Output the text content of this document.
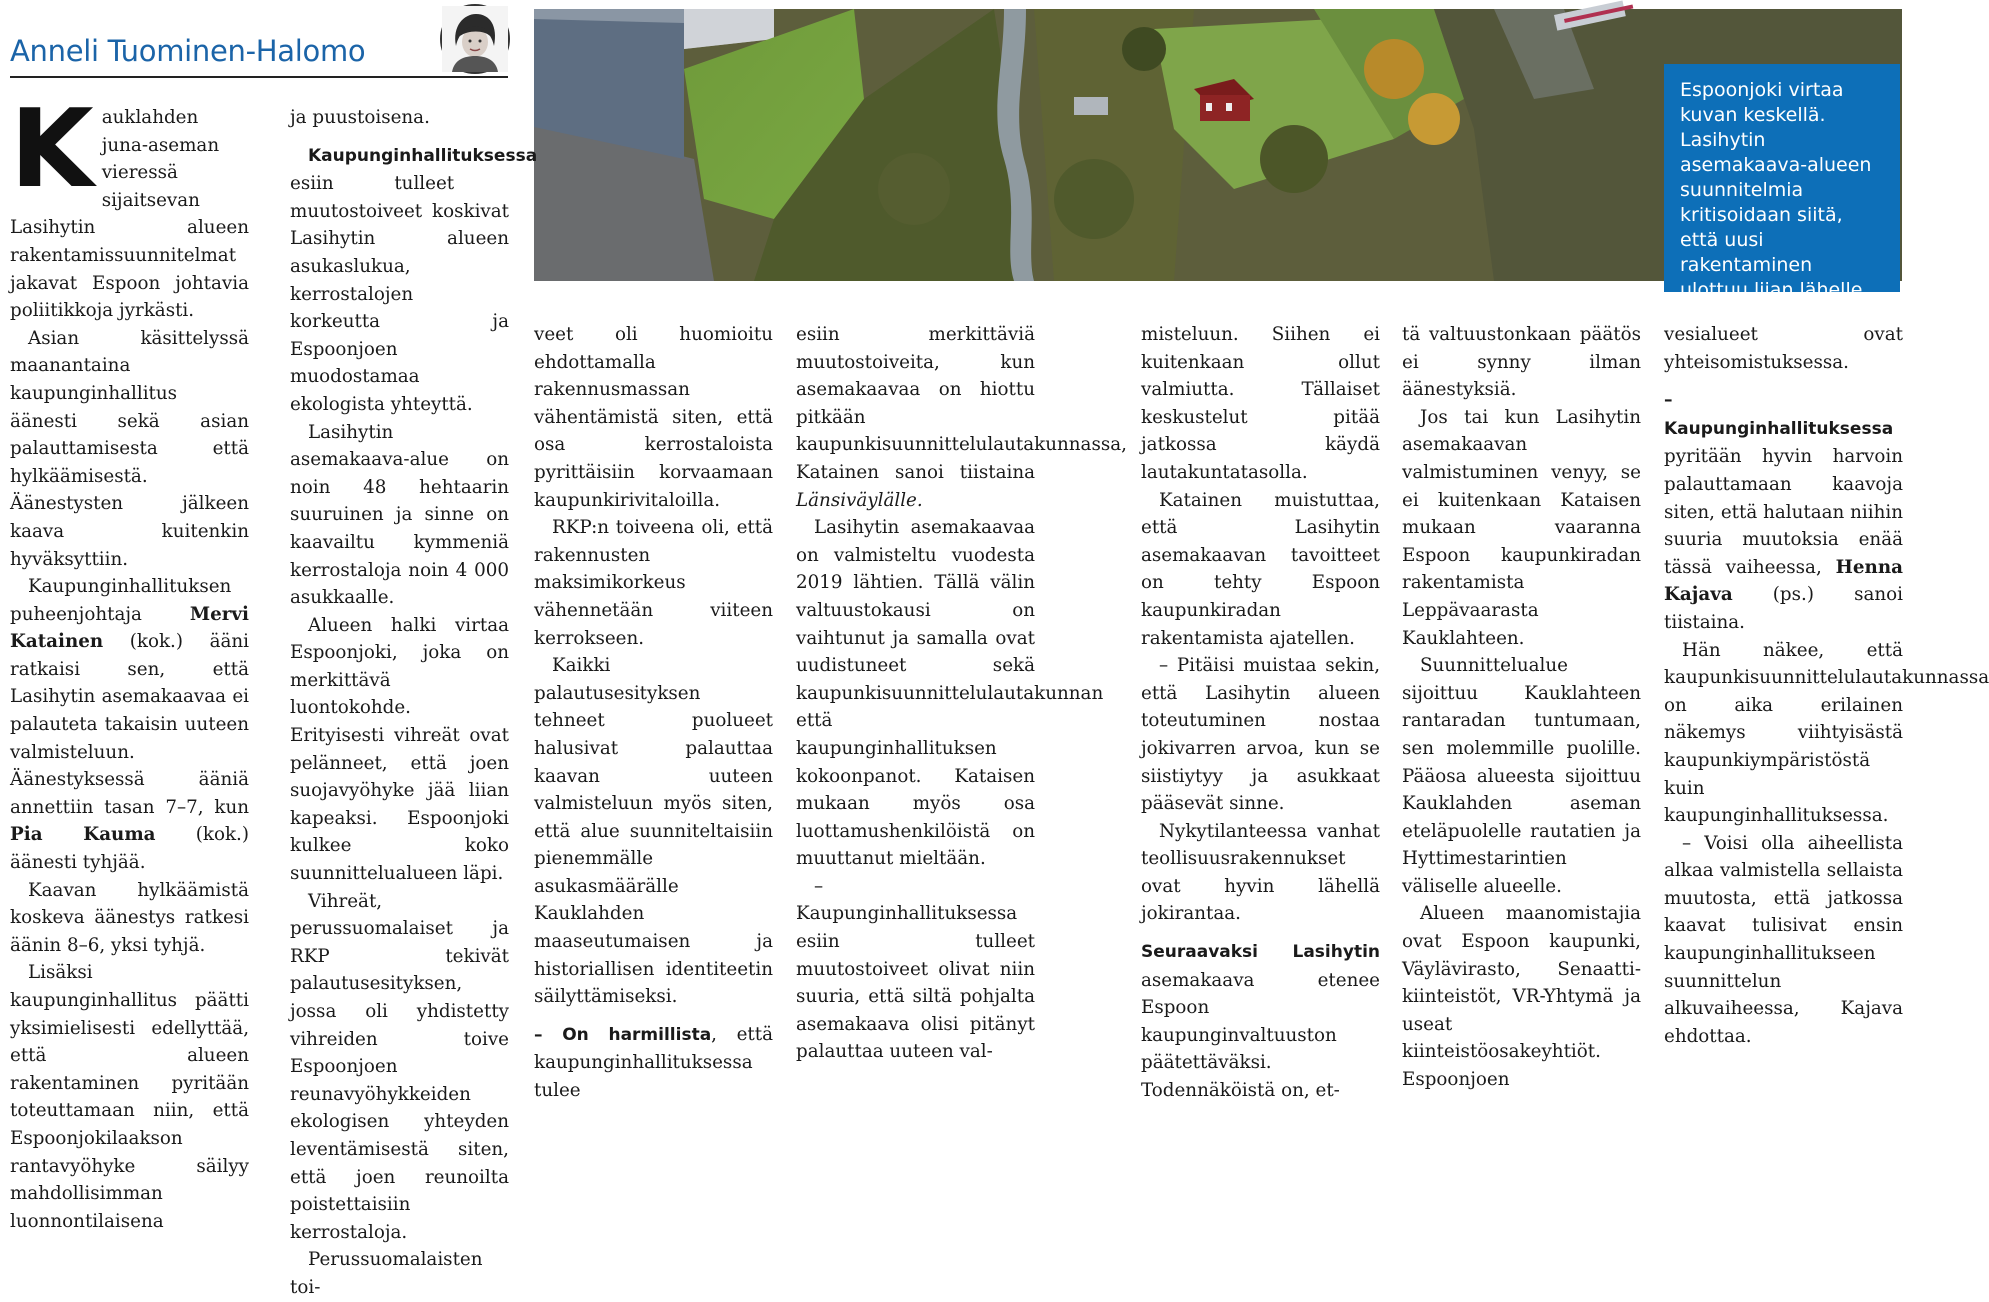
Anneli Tuominen-Halomo
Espoonjoki virtaa kuvan keskellä. Lasihytin asemakaava-alueen suunnitelmia kritisoidaan siitä, että uusi rakentaminen ulottuu liian lähelle jokea.

Kauklahden juna-aseman vieressä sijaitsevan Lasihytin alueen rakentamissuunnitelmat jakavat Espoon johtavia poliitikkoja jyrkästi.

Asian käsittelyssä maanantaina kaupunginhallitus äänesti sekä asian palauttamisesta että hylkäämisestä. Äänestysten jälkeen kaava kuitenkin hyväksyttiin.

Kaupunginhallituksen puheenjohtaja Mervi Katainen (kok.) ääni ratkaisi sen, että Lasihytin asemakaavaa ei palauteta takaisin uuteen valmisteluun. Äänestyksessä ääniä annettiin tasan 7–7, kun Pia Kauma (kok.) äänesti tyhjää.

Kaavan hylkäämistä koskeva äänestys ratkesi äänin 8–6, yksi tyhjä.

Lisäksi kaupunginhallitus päätti yksimielisesti edellyttää, että alueen rakentaminen pyritään toteuttamaan niin, että Espoonjokilaakson rantavyöhyke säilyy mahdollisimman luonnontilaisena

ja puustoisena.

Kaupunginhallituksessa esiin tulleet muutostoiveet koskivat Lasihytin alueen asukaslukua, kerrostalojen korkeutta ja Espoonjoen muodostamaa ekologista yhteyttä.

Lasihytin asemakaava-alue on noin 48 hehtaarin suuruinen ja sinne on kaavailtu kymmeniä kerrostaloja noin 4 000 asukkaalle.

Alueen halki virtaa Espoonjoki, joka on merkittävä luontokohde. Erityisesti vihreät ovat pelänneet, että joen suojavyöhyke jää liian kapeaksi. Espoonjoki kulkee koko suunnittelualueen läpi.

Vihreät, perussuomalaiset ja RKP tekivät palautusesityksen, jossa oli yhdistetty vihreiden toive Espoonjoen reunavyöhykkeiden ekologisen yhteyden leventämisestä siten, että joen reunoilta poistettaisiin kerrostaloja.

Perussuomalaisten toi-

veet oli huomioitu ehdottamalla rakennusmassan vähentämistä siten, että osa kerrostaloista pyrittäisiin korvaamaan kaupunkirivitaloilla.

RKP:n toiveena oli, että rakennusten maksimikorkeus vähennetään viiteen kerrokseen.

Kaikki palautusesityksen tehneet puolueet halusivat palauttaa kaavan uuteen valmisteluun myös siten, että alue suunniteltaisiin pienemmälle asukasmäärälle Kauklahden maaseutumaisen ja historiallisen identiteetin säilyttämiseksi.

– On harmillista, että kaupunginhallituksessa tulee

esiin merkittäviä muutostoiveita, kun asemakaavaa on hiottu pitkään kaupunkisuunnittelulautakunnassa, Katainen sanoi tiistaina Länsiväylälle.

Lasihytin asemakaavaa on valmisteltu vuodesta 2019 lähtien. Tällä välin valtuustokausi on vaihtunut ja samalla ovat uudistuneet sekä kaupunkisuunnittelulautakunnan että kaupunginhallituksen kokoonpanot. Kataisen mukaan myös osa luottamushenkilöistä on muuttanut mieltään.

– Kaupunginhallituksessa esiin tulleet muutostoiveet olivat niin suuria, että siltä pohjalta asemakaava olisi pitänyt palauttaa uuteen val-

misteluun. Siihen ei kuitenkaan ollut valmiutta. Tällaiset keskustelut pitää jatkossa käydä lautakuntatasolla.

Katainen muistuttaa, että Lasihytin asemakaavan tavoitteet on tehty Espoon kaupunkiradan rakentamista ajatellen.

– Pitäisi muistaa sekin, että Lasihytin alueen toteutuminen nostaa jokivarren arvoa, kun se siistiytyy ja asukkaat pääsevät sinne.

Nykytilanteessa vanhat teollisuusrakennukset ovat hyvin lähellä jokirantaa.

Seuraavaksi Lasihytin asemakaava etenee Espoon kaupunginvaltuuston päätettäväksi. Todennäköistä on, et-

tä valtuustonkaan päätös ei synny ilman äänestyksiä.

Jos tai kun Lasihytin asemakaavan valmistuminen venyy, se ei kuitenkaan Kataisen mukaan vaaranna Espoon kaupunkiradan rakentamista Leppävaarasta Kauklahteen.

Suunnittelualue sijoittuu Kauklahteen rantaradan tuntumaan, sen molemmille puolille. Pääosa alueesta sijoittuu Kauklahden aseman eteläpuolelle rautatien ja Hyttimestarintien väliselle alueelle.

Alueen maanomistajia ovat Espoon kaupunki, Väylävirasto, Senaatti-kiinteistöt, VR-Yhtymä ja useat kiinteistöosakeyhtiöt. Espoonjoen

vesialueet ovat yhteisomistuksessa.

– Kaupunginhallituksessa pyritään hyvin harvoin palauttamaan kaavoja siten, että halutaan niihin suuria muutoksia enää tässä vaiheessa, Henna Kajava (ps.) sanoi tiistaina.

Hän näkee, että kaupunkisuunnittelulautakunnassa on aika erilainen näkemys viihtyisästä kaupunkiympäristöstä kuin kaupunginhallituksessa.

– Voisi olla aiheellista alkaa valmistella sellaista muutosta, että jatkossa kaavat tulisivat ensin kaupunginhallitukseen suunnittelun alkuvaiheessa, Kajava ehdottaa.
